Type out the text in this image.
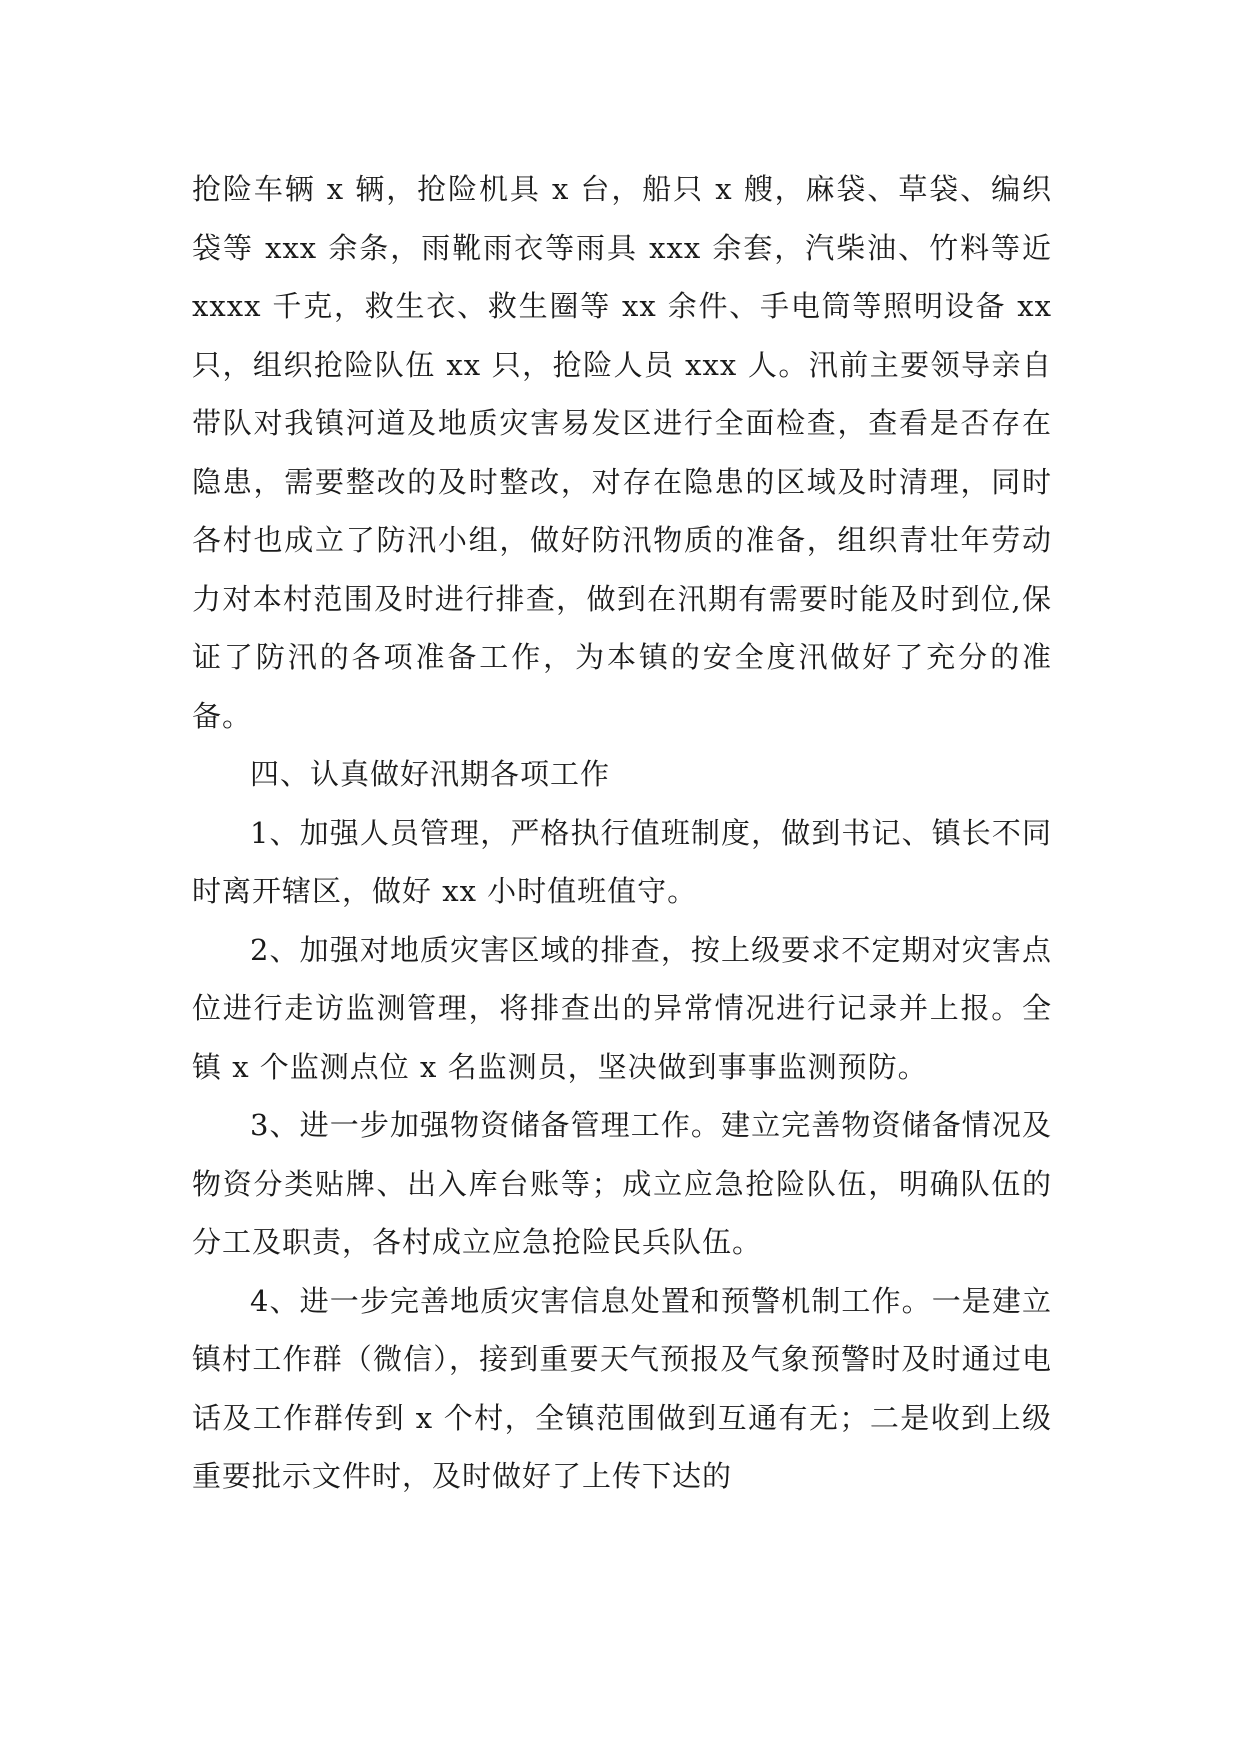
抢险车辆 x 辆，抢险机具 x 台，船只 x 艘，麻袋、草袋、编织袋等 xxx 余条，雨靴雨衣等雨具 xxx 余套，汽柴油、竹料等近 xxxx 千克，救生衣、救生圈等 xx 余件、手电筒等照明设备 xx 只，组织抢险队伍 xx 只，抢险人员 xxx 人。汛前主要领导亲自带队对我镇河道及地质灾害易发区进行全面检查，查看是否存在隐患，需要整改的及时整改，对存在隐患的区域及时清理，同时各村也成立了防汛小组，做好防汛物质的准备，组织青壮年劳动力对本村范围及时进行排查，做到在汛期有需要时能及时到位,保证了防汛的各项准备工作，为本镇的安全度汛做好了充分的准备。

四、认真做好汛期各项工作

1、加强人员管理，严格执行值班制度，做到书记、镇长不同时离开辖区，做好 xx 小时值班值守。

2、加强对地质灾害区域的排查，按上级要求不定期对灾害点位进行走访监测管理，将排查出的异常情况进行记录并上报。全镇 x 个监测点位 x 名监测员，坚决做到事事监测预防。

3、进一步加强物资储备管理工作。建立完善物资储备情况及物资分类贴牌、出入库台账等；成立应急抢险队伍，明确队伍的分工及职责，各村成立应急抢险民兵队伍。

4、进一步完善地质灾害信息处置和预警机制工作。一是建立镇村工作群（微信），接到重要天气预报及气象预警时及时通过电话及工作群传到 x 个村，全镇范围做到互通有无；二是收到上级重要批示文件时，及时做好了上传下达的
